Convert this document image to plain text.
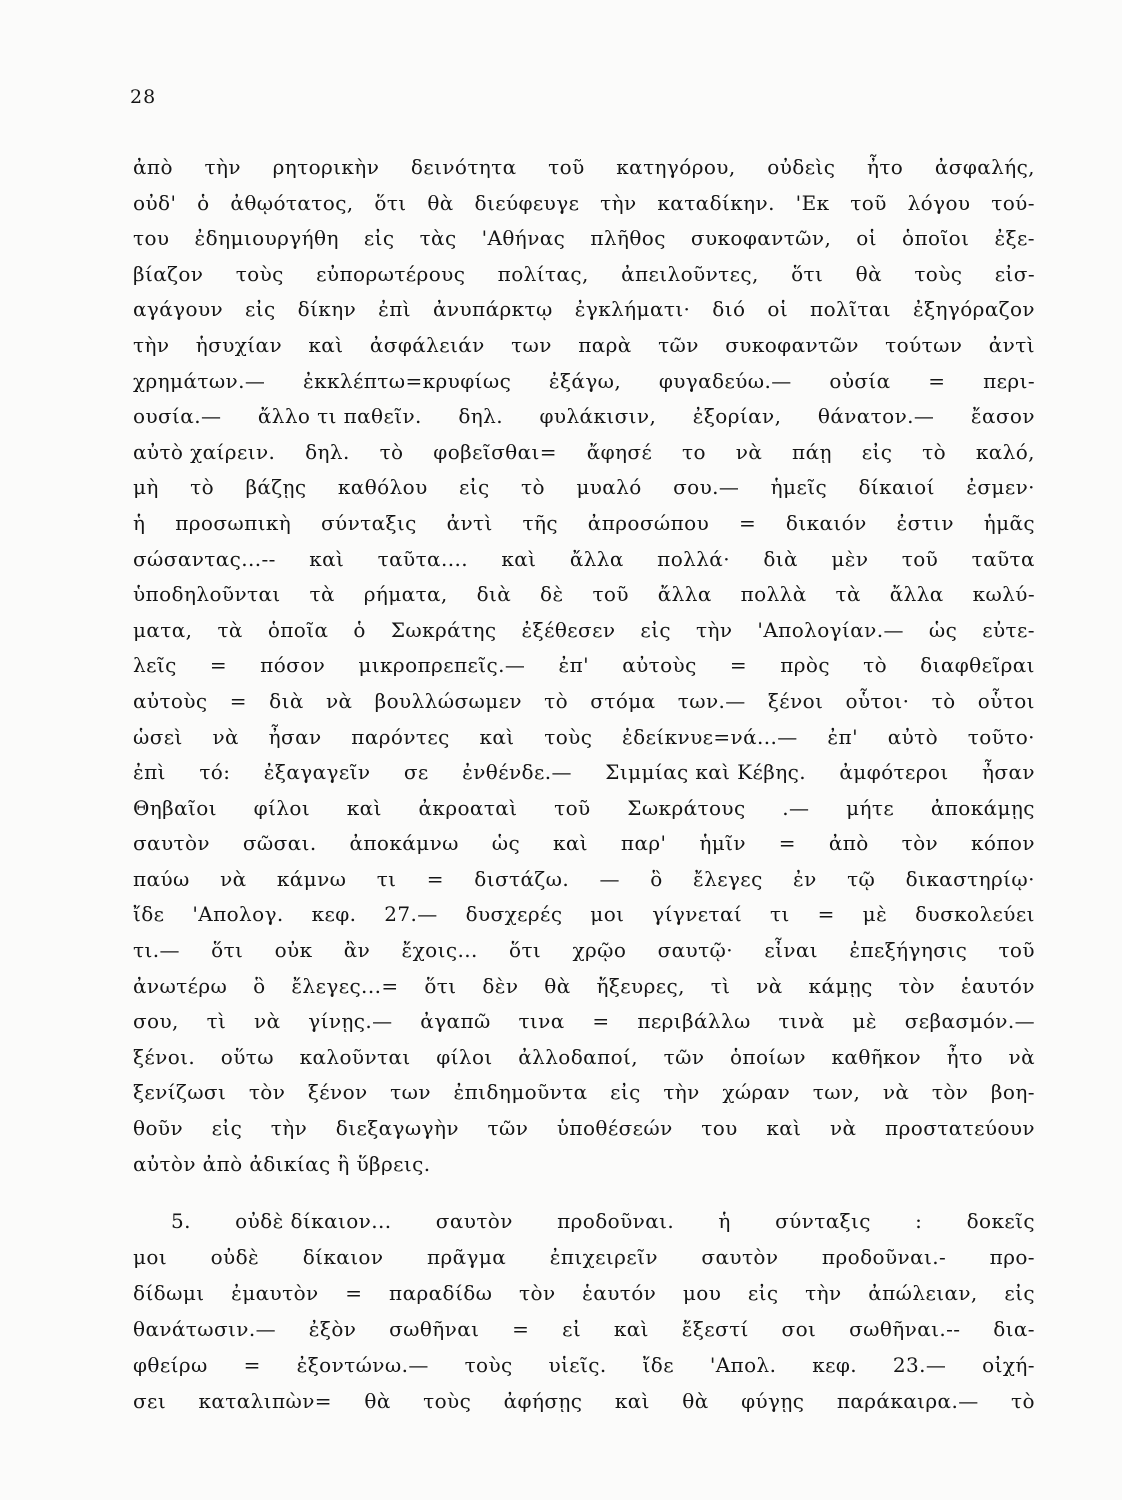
28
ἀπὸ τὴν ρητορικὴν δεινότητα τοῦ κατηγόρου, οὐδεὶς ἦτο ἀσφαλής,
οὐδ' ὁ ἀθῳότατος, ὅτι θὰ διεύφευγε τὴν καταδίκην. 'Εκ τοῦ λόγου τού-
του ἐδημιουργήθη εἰς τὰς 'Αθήνας πλῆθος συκοφαντῶν, οἱ ὁποῖοι ἐξε-
βίαζον τοὺς εὐπορωτέρους πολίτας, ἀπειλοῦντες, ὅτι θὰ τοὺς εἰσ-
αγάγουν εἰς δίκην ἐπὶ ἀνυπάρκτῳ ἐγκλήματι· διό οἱ πολῖται ἐξηγόραζον
τὴν ἡσυχίαν καὶ ἀσφάλειάν των παρὰ τῶν συκοφαντῶν τούτων ἀντὶ
χρημάτων.— ἐκκλέπτω=κρυφίως ἐξάγω, φυγαδεύω.— οὐσία = περι-
ουσία.— ἄλλο τι παθεῖν. δηλ. φυλάκισιν, ἐξορίαν, θάνατον.— ἔασον
αὐτὸ χαίρειν. δηλ. τὸ φοβεῖσθαι= ἄφησέ το νὰ πάῃ εἰς τὸ καλό,
μὴ τὸ βάζῃς καθόλου εἰς τὸ μυαλό σου.— ἡμεῖς δίκαιοί ἐσμεν·
ἡ προσωπικὴ σύνταξις ἀντὶ τῆς ἀπροσώπου = δικαιόν ἐστιν ἡμᾶς
σώσαντας...-- καὶ ταῦτα.... καὶ ἄλλα πολλά· διὰ μὲν τοῦ ταῦτα
ὑποδηλοῦνται τὰ ρήματα, διὰ δὲ τοῦ ἄλλα πολλὰ τὰ ἄλλα κωλύ-
ματα, τὰ ὁποῖα ὁ Σωκράτης ἐξέθεσεν εἰς τὴν 'Απολογίαν.— ὡς εὐτε-
λεῖς = πόσον μικροπρεπεῖς.— ἐπ' αὐτοὺς = πρὸς τὸ διαφθεῖραι
αὐτοὺς = διὰ νὰ βουλλώσωμεν τὸ στόμα των.— ξένοι οὗτοι· τὸ οὗτοι
ὡσεὶ νὰ ἦσαν παρόντες καὶ τοὺς ἐδείκνυε=νά...— ἐπ' αὐτὸ τοῦτο·
ἐπὶ τό: ἐξαγαγεῖν σε ἐνθένδε.— Σιμμίας καὶ Κέβης. ἀμφότεροι ἦσαν
Θηβαῖοι φίλοι καὶ ἀκροαταὶ τοῦ Σωκράτους .— μήτε ἀποκάμῃς
σαυτὸν σῶσαι. ἀποκάμνω ὡς καὶ παρ' ἡμῖν = ἀπὸ τὸν κόπον
παύω νὰ κάμνω τι = διστάζω. — ὃ ἔλεγες ἐν τῷ δικαστηρίῳ·
ἴδε 'Απολογ. κεφ. 27.— δυσχερές μοι γίγνεταί τι = μὲ δυσκολεύει
τι.— ὅτι οὐκ ἂν ἔχοις... ὅτι χρῷο σαυτῷ· εἶναι ἐπεξήγησις τοῦ
ἀνωτέρω ὃ ἔλεγες...= ὅτι δὲν θὰ ἤξευρες, τὶ νὰ κάμῃς τὸν ἑαυτόν
σου, τὶ νὰ γίνῃς.— ἀγαπῶ τινα = περιβάλλω τινὰ μὲ σεβασμόν.—
ξένοι. οὕτω καλοῦνται φίλοι ἀλλοδαποί, τῶν ὁποίων καθῆκον ἦτο νὰ
ξενίζωσι τὸν ξένον των ἐπιδημοῦντα εἰς τὴν χώραν των, νὰ τὸν βοη-
θοῦν εἰς τὴν διεξαγωγὴν τῶν ὑποθέσεών του καὶ νὰ προστατεύουν
αὐτὸν ἀπὸ ἀδικίας ἢ ὕβρεις.
5. οὐδὲ δίκαιον... σαυτὸν προδοῦναι. ἡ σύνταξις : δοκεῖς
μοι οὐδὲ δίκαιον πρᾶγμα ἐπιχειρεῖν σαυτὸν προδοῦναι.- προ-
δίδωμι ἐμαυτὸν = παραδίδω τὸν ἑαυτόν μου εἰς τὴν ἀπώλειαν, εἰς
θανάτωσιν.— ἐξὸν σωθῆναι = εἰ καὶ ἔξεστί σοι σωθῆναι.-- δια-
φθείρω = ἐξοντώνω.— τοὺς υἱεῖς. ἴδε 'Απολ. κεφ. 23.— οἰχή-
σει καταλιπὼν= θὰ τοὺς ἀφήσῃς καὶ θὰ φύγῃς παράκαιρα.— τὸ
